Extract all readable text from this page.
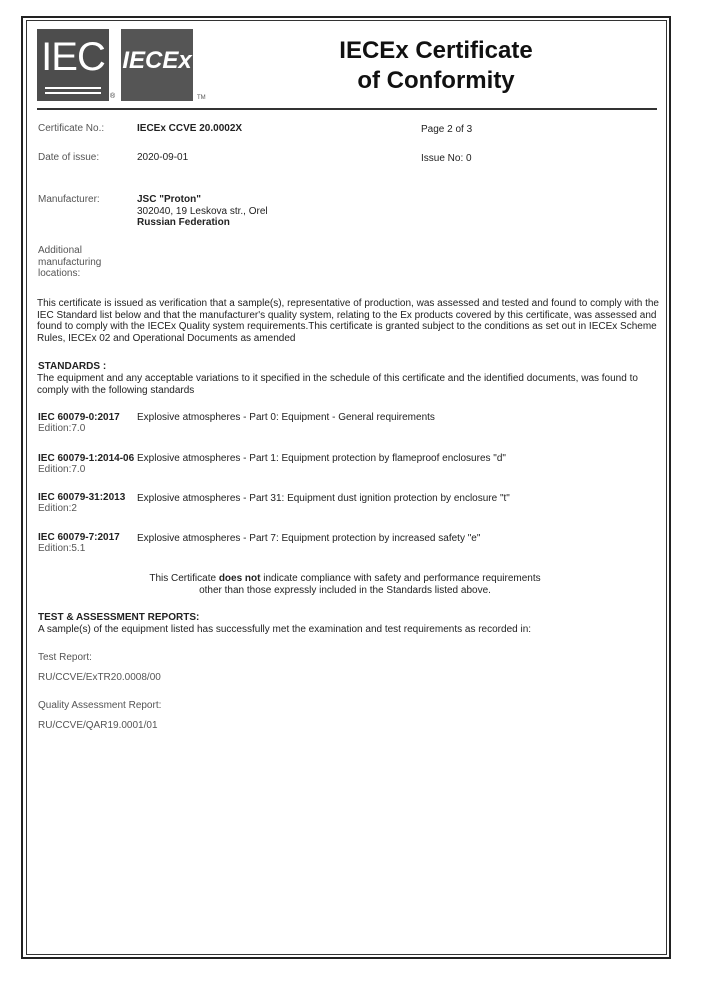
IEC
®
IECEx
TM
IECEx Certificate
of Conformity
Certificate No.:	IECEx CCVE 20.0002X	Page 2 of 3
Date of issue:	2020-09-01	Issue No: 0
Manufacturer:	JSC "Proton"
302040, 19 Leskova str., Orel
Russian Federation
Additional
manufacturing
locations:
This certificate is issued as verification that a sample(s), representative of production, was assessed and tested and found to comply with the IEC Standard list below and that the manufacturer's quality system, relating to the Ex products covered by this certificate, was assessed and found to comply with the IECEx Quality system requirements.This certificate is granted subject to the conditions as set out in IECEx Scheme Rules, IECEx 02 and Operational Documents as amended
STANDARDS :
The equipment and any acceptable variations to it specified in the schedule of this certificate and the identified documents, was found to comply with the following standards
IEC 60079-0:2017 Explosive atmospheres - Part 0: Equipment - General requirements
Edition:7.0
IEC 60079-1:2014-06 Explosive atmospheres - Part 1: Equipment protection by flameproof enclosures "d"
Edition:7.0
IEC 60079-31:2013 Explosive atmospheres - Part 31: Equipment dust ignition protection by enclosure "t"
Edition:2
IEC 60079-7:2017 Explosive atmospheres - Part 7: Equipment protection by increased safety "e"
Edition:5.1
This Certificate does not indicate compliance with safety and performance requirements
other than those expressly included in the Standards listed above.
TEST & ASSESSMENT REPORTS:
A sample(s) of the equipment listed has successfully met the examination and test requirements as recorded in:
Test Report:
RU/CCVE/ExTR20.0008/00
Quality Assessment Report:
RU/CCVE/QAR19.0001/01
